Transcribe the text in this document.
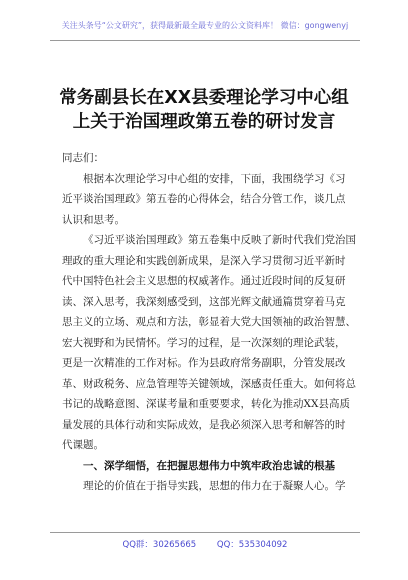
关注头条号“公文研究”，获得最新最全最专业的公文资料库！ 微信：gongwenyj
常务副县长在XX县委理论学习中心组
上关于治国理政第五卷的研讨发言

同志们：

根据本次理论学习中心组的安排，下面，我围绕学习《习
近平谈治国理政》第五卷的心得体会，结合分管工作，谈几点
认识和思考。

《习近平谈治国理政》第五卷集中反映了新时代我们党治国
理政的重大理论和实践创新成果，是深入学习贯彻习近平新时
代中国特色社会主义思想的权威著作。通过近段时间的反复研
读、深入思考，我深刻感受到，这部光辉文献通篇贯穿着马克
思主义的立场、观点和方法，彰显着大党大国领袖的政治智慧、
宏大视野和为民情怀。学习的过程，是一次深刻的理论武装，
更是一次精准的工作对标。作为县政府常务副职，分管发展改
革、财政税务、应急管理等关键领域，深感责任重大。如何将总
书记的战略意图、深谋考量和重要要求，转化为推动XX县高质
量发展的具体行动和实际成效，是我必须深入思考和解答的时
代课题。

一、深学细悟，在把握思想伟力中筑牢政治忠诚的根基

理论的价值在于指导实践，思想的伟力在于凝聚人心。学

QQ群：30265665 QQ：535304092
